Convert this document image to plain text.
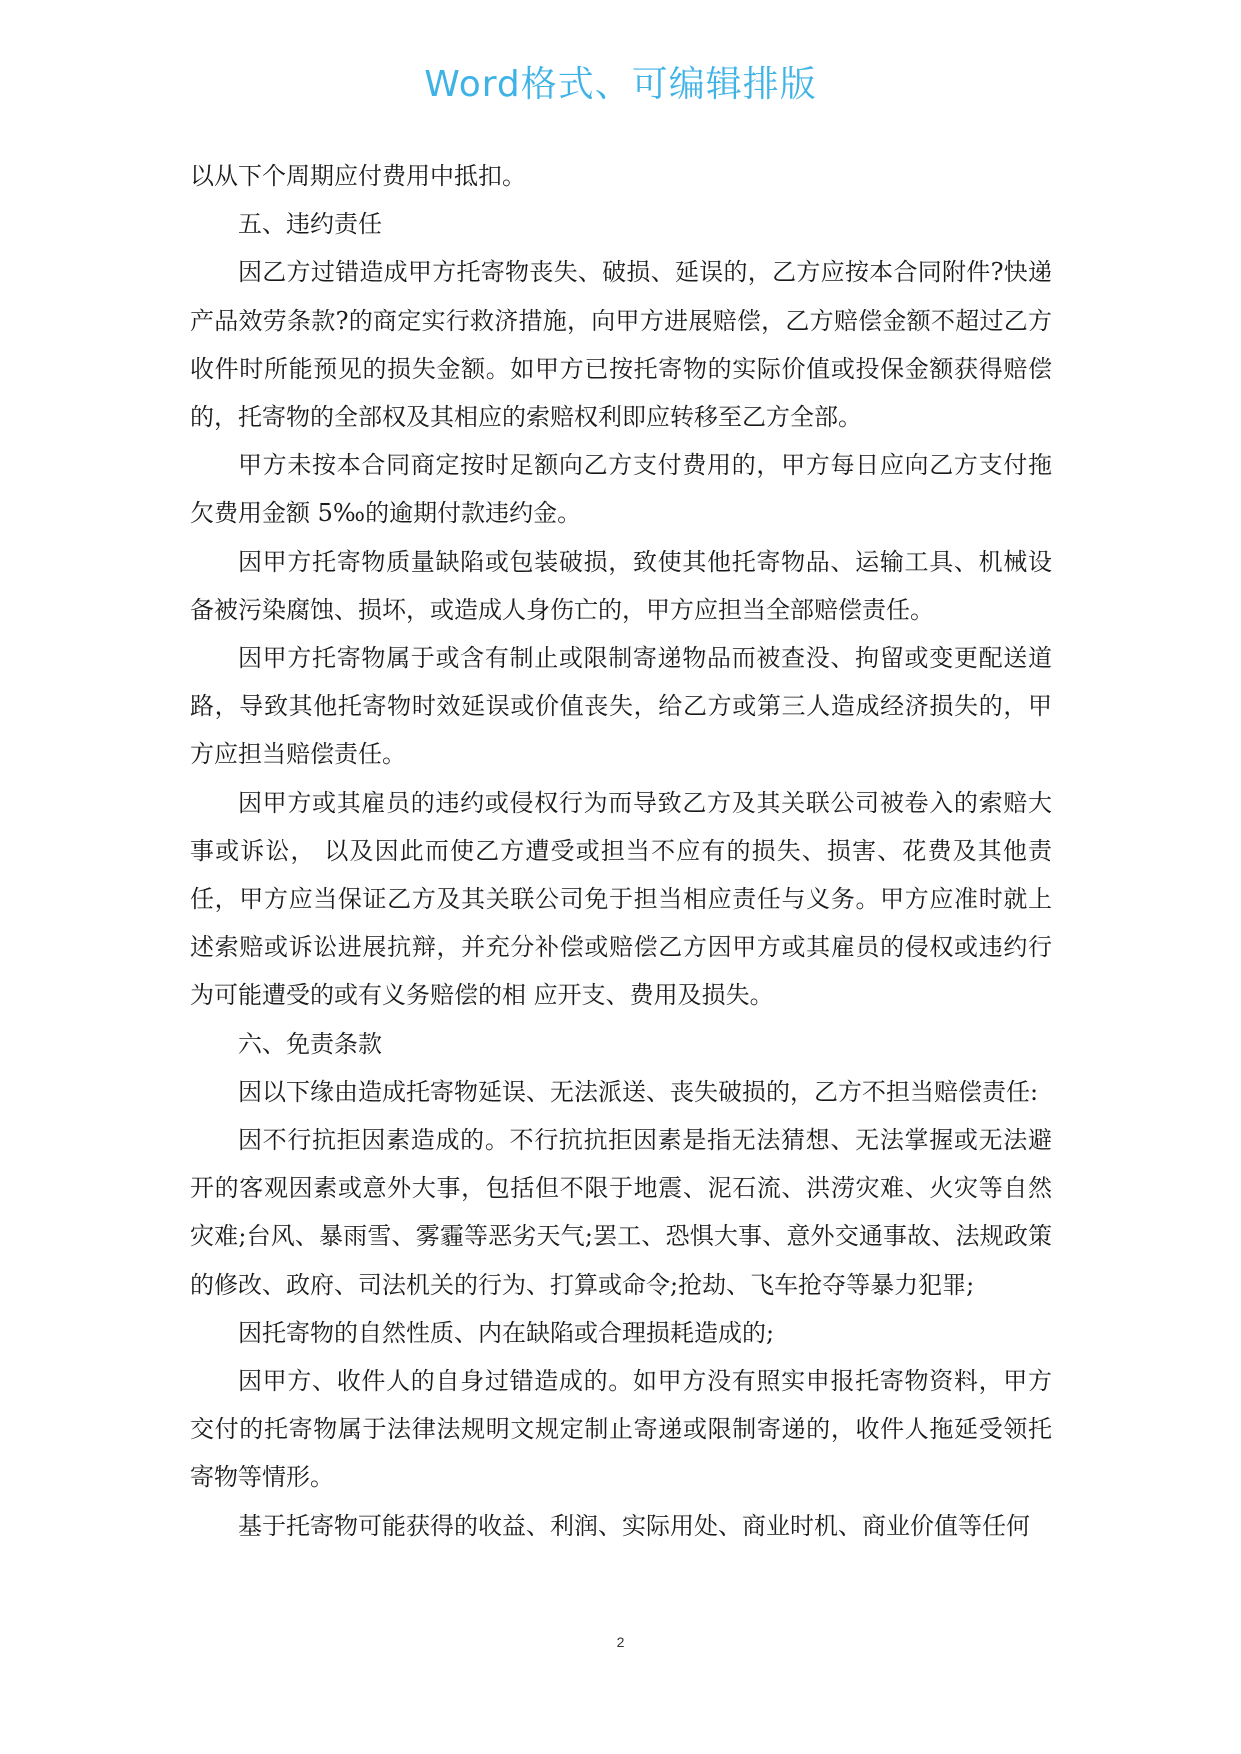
Word格式、可编辑排版

以从下个周期应付费用中抵扣。

五、违约责任

因乙方过错造成甲方托寄物丧失、破损、延误的，乙方应按本合同附件?快递产品效劳条款?的商定实行救济措施，向甲方进展赔偿，乙方赔偿金额不超过乙方收件时所能预见的损失金额。如甲方已按托寄物的实际价值或投保金额获得赔偿的，托寄物的全部权及其相应的索赔权利即应转移至乙方全部。

甲方未按本合同商定按时足额向乙方支付费用的，甲方每日应向乙方支付拖欠费用金额 5‰的逾期付款违约金。

因甲方托寄物质量缺陷或包装破损，致使其他托寄物品、运输工具、机械设备被污染腐蚀、损坏，或造成人身伤亡的，甲方应担当全部赔偿责任。

因甲方托寄物属于或含有制止或限制寄递物品而被查没、拘留或变更配送道路，导致其他托寄物时效延误或价值丧失，给乙方或第三人造成经济损失的，甲方应担当赔偿责任。

因甲方或其雇员的违约或侵权行为而导致乙方及其关联公司被卷入的索赔大事或诉讼， 以及因此而使乙方遭受或担当不应有的损失、损害、花费及其他责任，甲方应当保证乙方及其关联公司免于担当相应责任与义务。甲方应准时就上述索赔或诉讼进展抗辩，并充分补偿或赔偿乙方因甲方或其雇员的侵权或违约行为可能遭受的或有义务赔偿的相 应开支、费用及损失。

六、免责条款

因以下缘由造成托寄物延误、无法派送、丧失破损的，乙方不担当赔偿责任:

因不行抗拒因素造成的。不行抗抗拒因素是指无法猜想、无法掌握或无法避开的客观因素或意外大事，包括但不限于地震、泥石流、洪涝灾难、火灾等自然灾难;台风、暴雨雪、雾霾等恶劣天气;罢工、恐惧大事、意外交通事故、法规政策的修改、政府、司法机关的行为、打算或命令;抢劫、飞车抢夺等暴力犯罪;

因托寄物的自然性质、内在缺陷或合理损耗造成的;

因甲方、收件人的自身过错造成的。如甲方没有照实申报托寄物资料，甲方交付的托寄物属于法律法规明文规定制止寄递或限制寄递的，收件人拖延受领托寄物等情形。

基于托寄物可能获得的收益、利润、实际用处、商业时机、商业价值等任何

2
